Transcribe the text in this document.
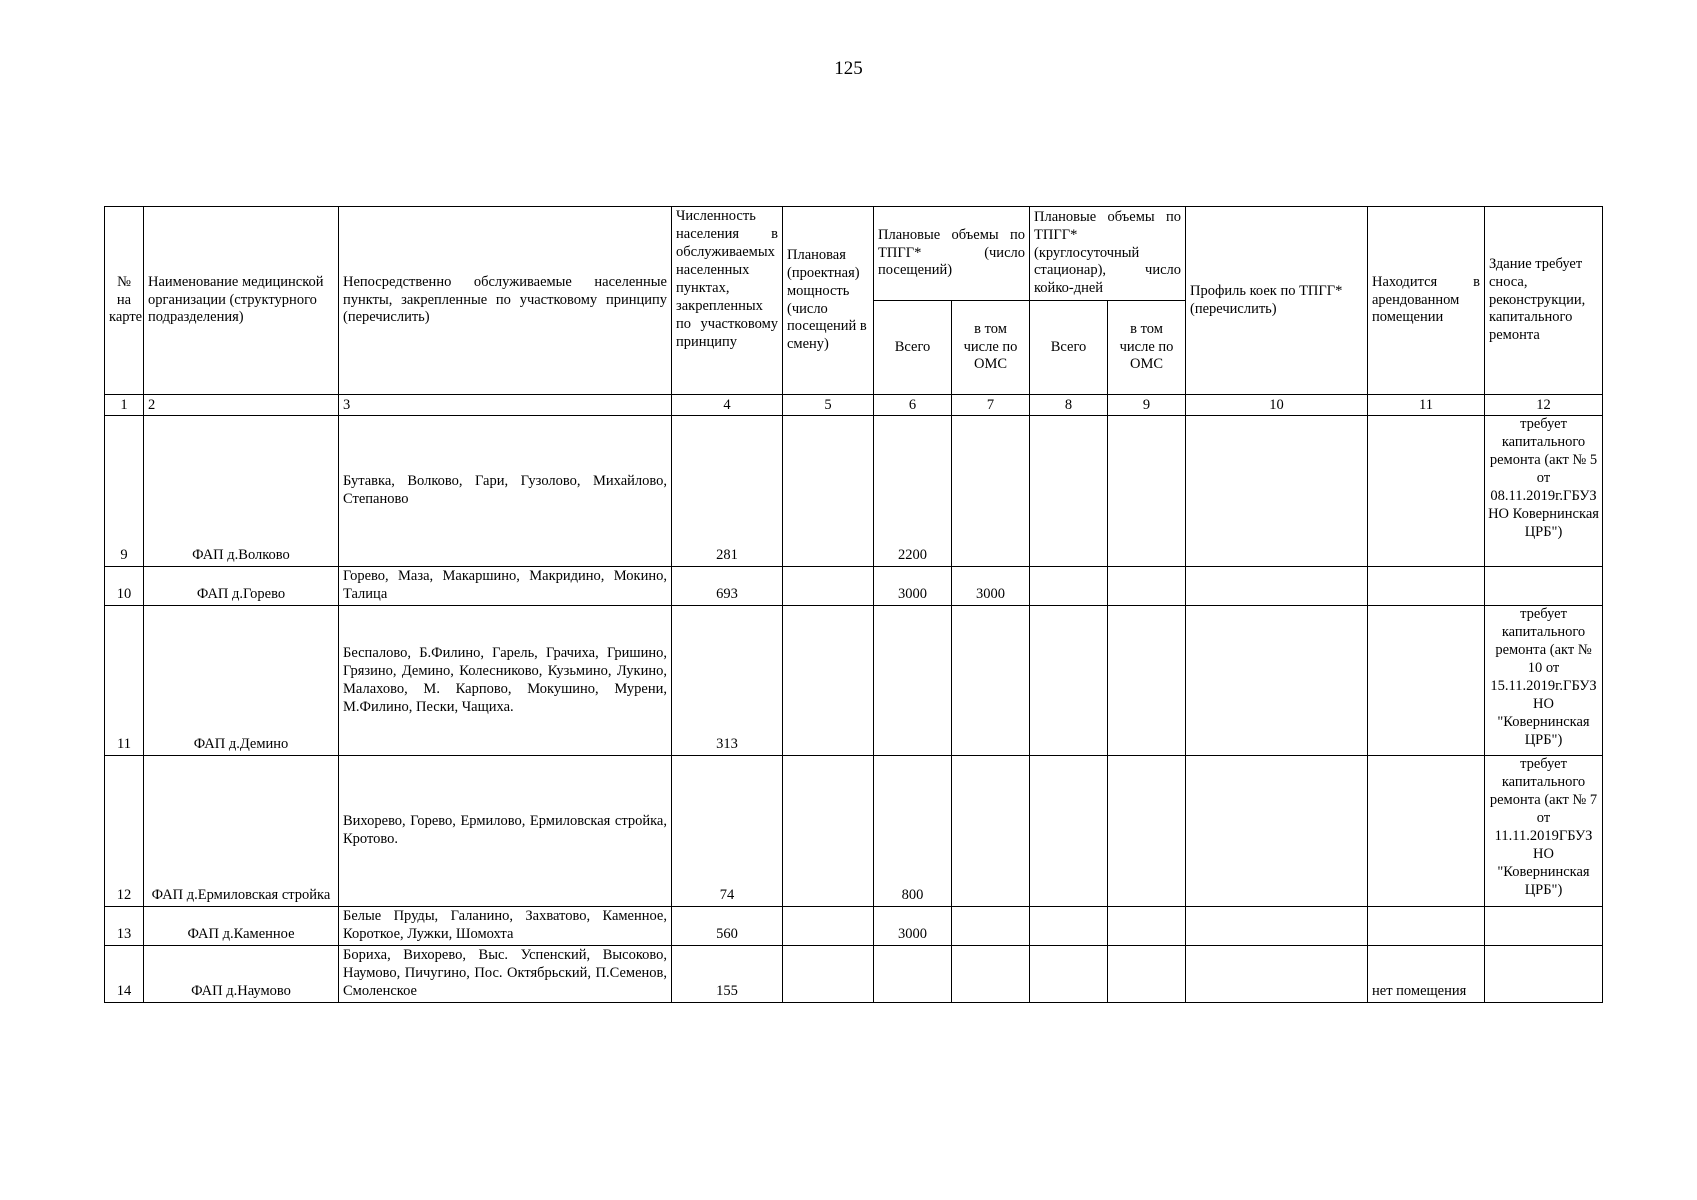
125
№ на карте	Наименование медицинской организации (структурного подразделения)	Непосредственно обслуживаемые населенные пункты, закрепленные по участковому принципу (перечислить)	Численность населения в обслуживаемых населенных пунктах, закрепленных по участковому принципу	Плановая (проектная) мощность (число посещений в смену)	Плановые объемы по ТПГГ* (число посещений)		Плановые объемы по ТПГГ* (круглосуточный стационар), число койко-дней		Профиль коек по ТПГГ* (перечислить)	Находится в арендованном помещении	Здание требует сноса, реконструкции, капитального ремонта
					Всего	в том числе по ОМС	Всего	в том числе по ОМС			
1	2	3	4	5	6	7	8	9	10	11	12
9	ФАП д.Волково	Бутавка, Волково, Гари, Гузолово, Михайлово, Степаново	281		2200						требует капитального ремонта (акт № 5 от 08.11.2019г.ГБУЗ НО Ковернинская ЦРБ")
10	ФАП д.Горево	Горево, Маза, Макаршино, Макридино, Мокино, Талица	693		3000	3000					
11	ФАП д.Демино	Беспалово, Б.Филино, Гарель, Грачиха, Гришино, Грязино, Демино, Колесниково, Кузьмино, Лукино, Малахово, М. Карпово, Мокушино, Мурени, М.Филино, Пески, Чащиха.	313								требует капитального ремонта (акт № 10 от 15.11.2019г.ГБУЗ НО "Ковернинская ЦРБ")
12	ФАП д.Ермиловская стройка	Вихорево, Горево, Ермилово, Ермиловская стройка, Кротово.	74		800						требует капитального ремонта (акт № 7 от 11.11.2019ГБУЗ НО "Ковернинская ЦРБ")
13	ФАП д.Каменное	Белые Пруды, Галанино, Захватово, Каменное, Короткое, Лужки, Шомохта	560		3000						
14	ФАП д.Наумово	Бориха, Вихорево, Выс. Успенский, Высоково, Наумово, Пичугино, Пос. Октябрьский, П.Семенов, Смоленское	155							нет помещения	
